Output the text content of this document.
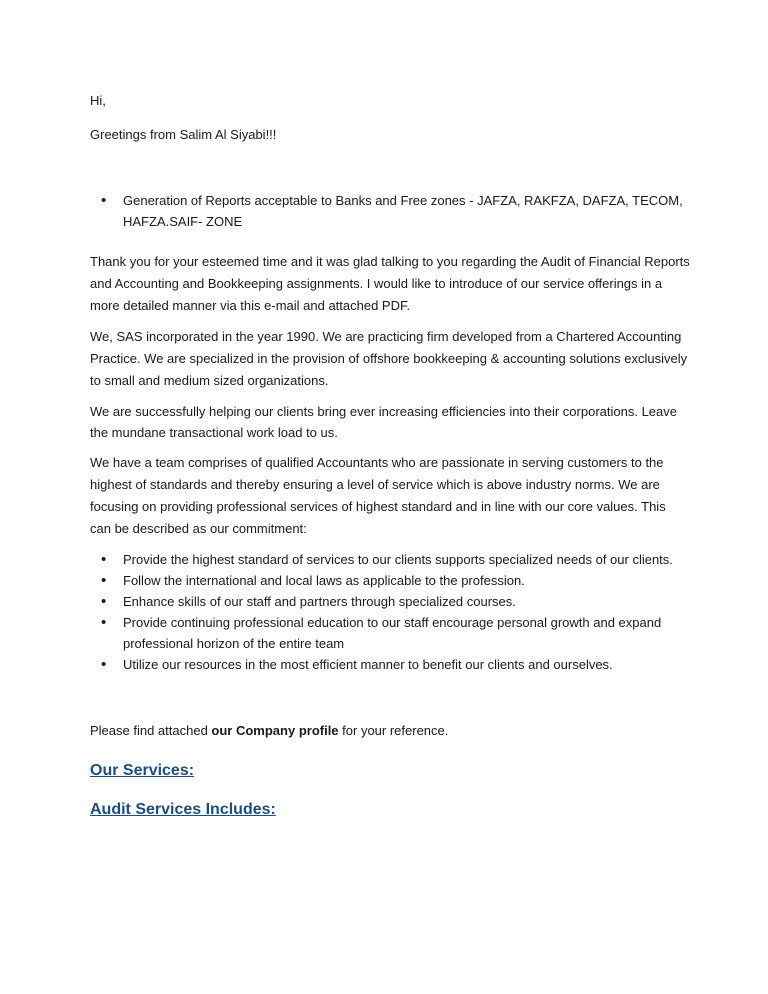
Hi,

Greetings from Salim Al Siyabi!!!

• Generation of Reports acceptable to Banks and Free zones - JAFZA, RAKFZA, DAFZA, TECOM, HAFZA.SAIF- ZONE

Thank you for your esteemed time and it was glad talking to you regarding the Audit of Financial Reports and Accounting and Bookkeeping assignments. I would like to introduce of our service offerings in a more detailed manner via this e-mail and attached PDF.

We, SAS incorporated in the year 1990. We are practicing firm developed from a Chartered Accounting Practice. We are specialized in the provision of offshore bookkeeping & accounting solutions exclusively to small and medium sized organizations.

We are successfully helping our clients bring ever increasing efficiencies into their corporations. Leave the mundane transactional work load to us.

We have a team comprises of qualified Accountants who are passionate in serving customers to the highest of standards and thereby ensuring a level of service which is above industry norms. We are focusing on providing professional services of highest standard and in line with our core values. This can be described as our commitment:

• Provide the highest standard of services to our clients supports specialized needs of our clients.
• Follow the international and local laws as applicable to the profession.
• Enhance skills of our staff and partners through specialized courses.
• Provide continuing professional education to our staff encourage personal growth and expand professional horizon of the entire team
• Utilize our resources in the most efficient manner to benefit our clients and ourselves.

Please find attached our Company profile for your reference.

Our Services:

Audit Services Includes:
